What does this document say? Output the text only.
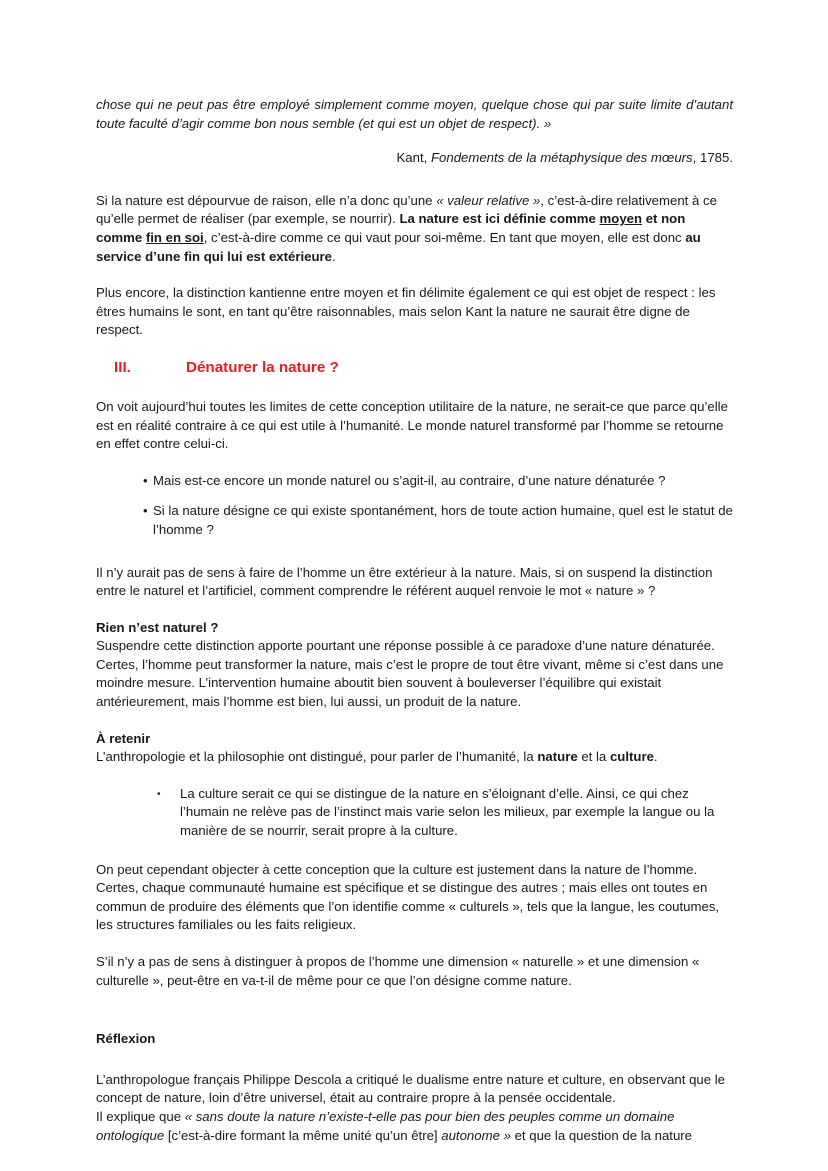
chose qui ne peut pas être employé simplement comme moyen, quelque chose qui par suite limite d’autant toute faculté d’agir comme bon nous semble (et qui est un objet de respect). »

Kant, Fondements de la métaphysique des mœurs, 1785.

Si la nature est dépourvue de raison, elle n’a donc qu’une « valeur relative », c’est-à-dire relativement à ce qu’elle permet de réaliser (par exemple, se nourrir). La nature est ici définie comme moyen et non comme fin en soi, c’est-à-dire comme ce qui vaut pour soi-même. En tant que moyen, elle est donc au service d’une fin qui lui est extérieure.

Plus encore, la distinction kantienne entre moyen et fin délimite également ce qui est objet de respect : les êtres humains le sont, en tant qu’être raisonnables, mais selon Kant la nature ne saurait être digne de respect.

III.	Dénaturer la nature ?

On voit aujourd’hui toutes les limites de cette conception utilitaire de la nature, ne serait-ce que parce qu’elle est en réalité contraire à ce qui est utile à l’humanité. Le monde naturel transformé par l’homme se retourne en effet contre celui-ci.

• Mais est-ce encore un monde naturel ou s’agit-il, au contraire, d’une nature dénaturée ?
• Si la nature désigne ce qui existe spontanément, hors de toute action humaine, quel est le statut de l’homme ?

Il n’y aurait pas de sens à faire de l’homme un être extérieur à la nature. Mais, si on suspend la distinction entre le naturel et l’artificiel, comment comprendre le référent auquel renvoie le mot « nature » ?

Rien n’est naturel ?

Suspendre cette distinction apporte pourtant une réponse possible à ce paradoxe d’une nature dénaturée. Certes, l’homme peut transformer la nature, mais c’est le propre de tout être vivant, même si c’est dans une moindre mesure. L’intervention humaine aboutit bien souvent à bouleverser l’équilibre qui existait antérieurement, mais l’homme est bien, lui aussi, un produit de la nature.

À retenir

L’anthropologie et la philosophie ont distingué, pour parler de l’humanité, la nature et la culture.

• La culture serait ce qui se distingue de la nature en s’éloignant d’elle. Ainsi, ce qui chez l’humain ne relève pas de l’instinct mais varie selon les milieux, par exemple la langue ou la manière de se nourrir, serait propre à la culture.

On peut cependant objecter à cette conception que la culture est justement dans la nature de l’homme. Certes, chaque communauté humaine est spécifique et se distingue des autres ; mais elles ont toutes en commun de produire des éléments que l’on identifie comme « culturels », tels que la langue, les coutumes, les structures familiales ou les faits religieux.

S’il n’y a pas de sens à distinguer à propos de l’homme une dimension « naturelle » et une dimension « culturelle », peut-être en va-t-il de même pour ce que l’on désigne comme nature.

Réflexion

L’anthropologue français Philippe Descola a critiqué le dualisme entre nature et culture, en observant que le concept de nature, loin d’être universel, était au contraire propre à la pensée occidentale.
Il explique que « sans doute la nature n’existe-t-elle pas pour bien des peuples comme un domaine ontologique [c’est-à-dire formant la même unité qu’un être] autonome » et que la question de la nature
